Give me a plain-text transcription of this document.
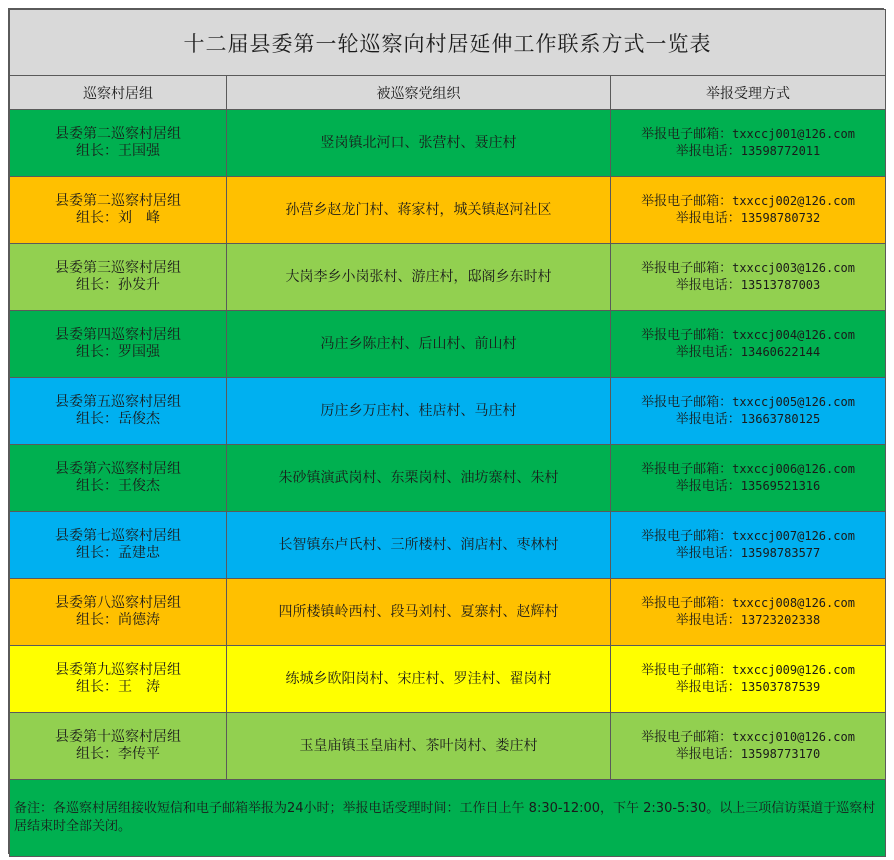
十二届县委第一轮巡察向村居延伸工作联系方式一览表		
巡察村居组	被巡察党组织	举报受理方式

县委第二巡察村居组
组长：王国强	竖岗镇北河口、张营村、聂庄村	举报电子邮箱：txxccj001@126.com
举报电话：13598772011

县委第二巡察村居组
组长：刘　峰	孙营乡赵龙门村、蒋家村，城关镇赵河社区	举报电子邮箱：txxccj002@126.com
举报电话：13598780732

县委第三巡察村居组
组长：孙发升	大岗李乡小岗张村、游庄村，邸阁乡东时村	举报电子邮箱：txxccj003@126.com
举报电话：13513787003

县委第四巡察村居组
组长：罗国强	冯庄乡陈庄村、后山村、前山村	举报电子邮箱：txxccj004@126.com
举报电话：13460622144

县委第五巡察村居组
组长：岳俊杰	厉庄乡万庄村、桂店村、马庄村	举报电子邮箱：txxccj005@126.com
举报电话：13663780125

县委第六巡察村居组
组长：王俊杰	朱砂镇演武岗村、东栗岗村、油坊寨村、朱村	举报电子邮箱：txxccj006@126.com
举报电话：13569521316

县委第七巡察村居组
组长：孟建忠	长智镇东卢氏村、三所楼村、润店村、枣林村	举报电子邮箱：txxccj007@126.com
举报电话：13598783577

县委第八巡察村居组
组长：尚德涛	四所楼镇岭西村、段马刘村、夏寨村、赵辉村	举报电子邮箱：txxccj008@126.com
举报电话：13723202338

县委第九巡察村居组
组长：王　涛	练城乡欧阳岗村、宋庄村、罗洼村、翟岗村	举报电子邮箱：txxccj009@126.com
举报电话：13503787539

县委第十巡察村居组
组长：李传平	玉皇庙镇玉皇庙村、茶叶岗村、娄庄村	举报电子邮箱：txxccj010@126.com
举报电话：13598773170

备注：各巡察村居组接收短信和电子邮箱举报为24小时；举报电话受理时间：工作日上午 8:30-12:00，下午 2:30-5:30。以上三项信访渠道于巡察村居结束时全部关闭。		
